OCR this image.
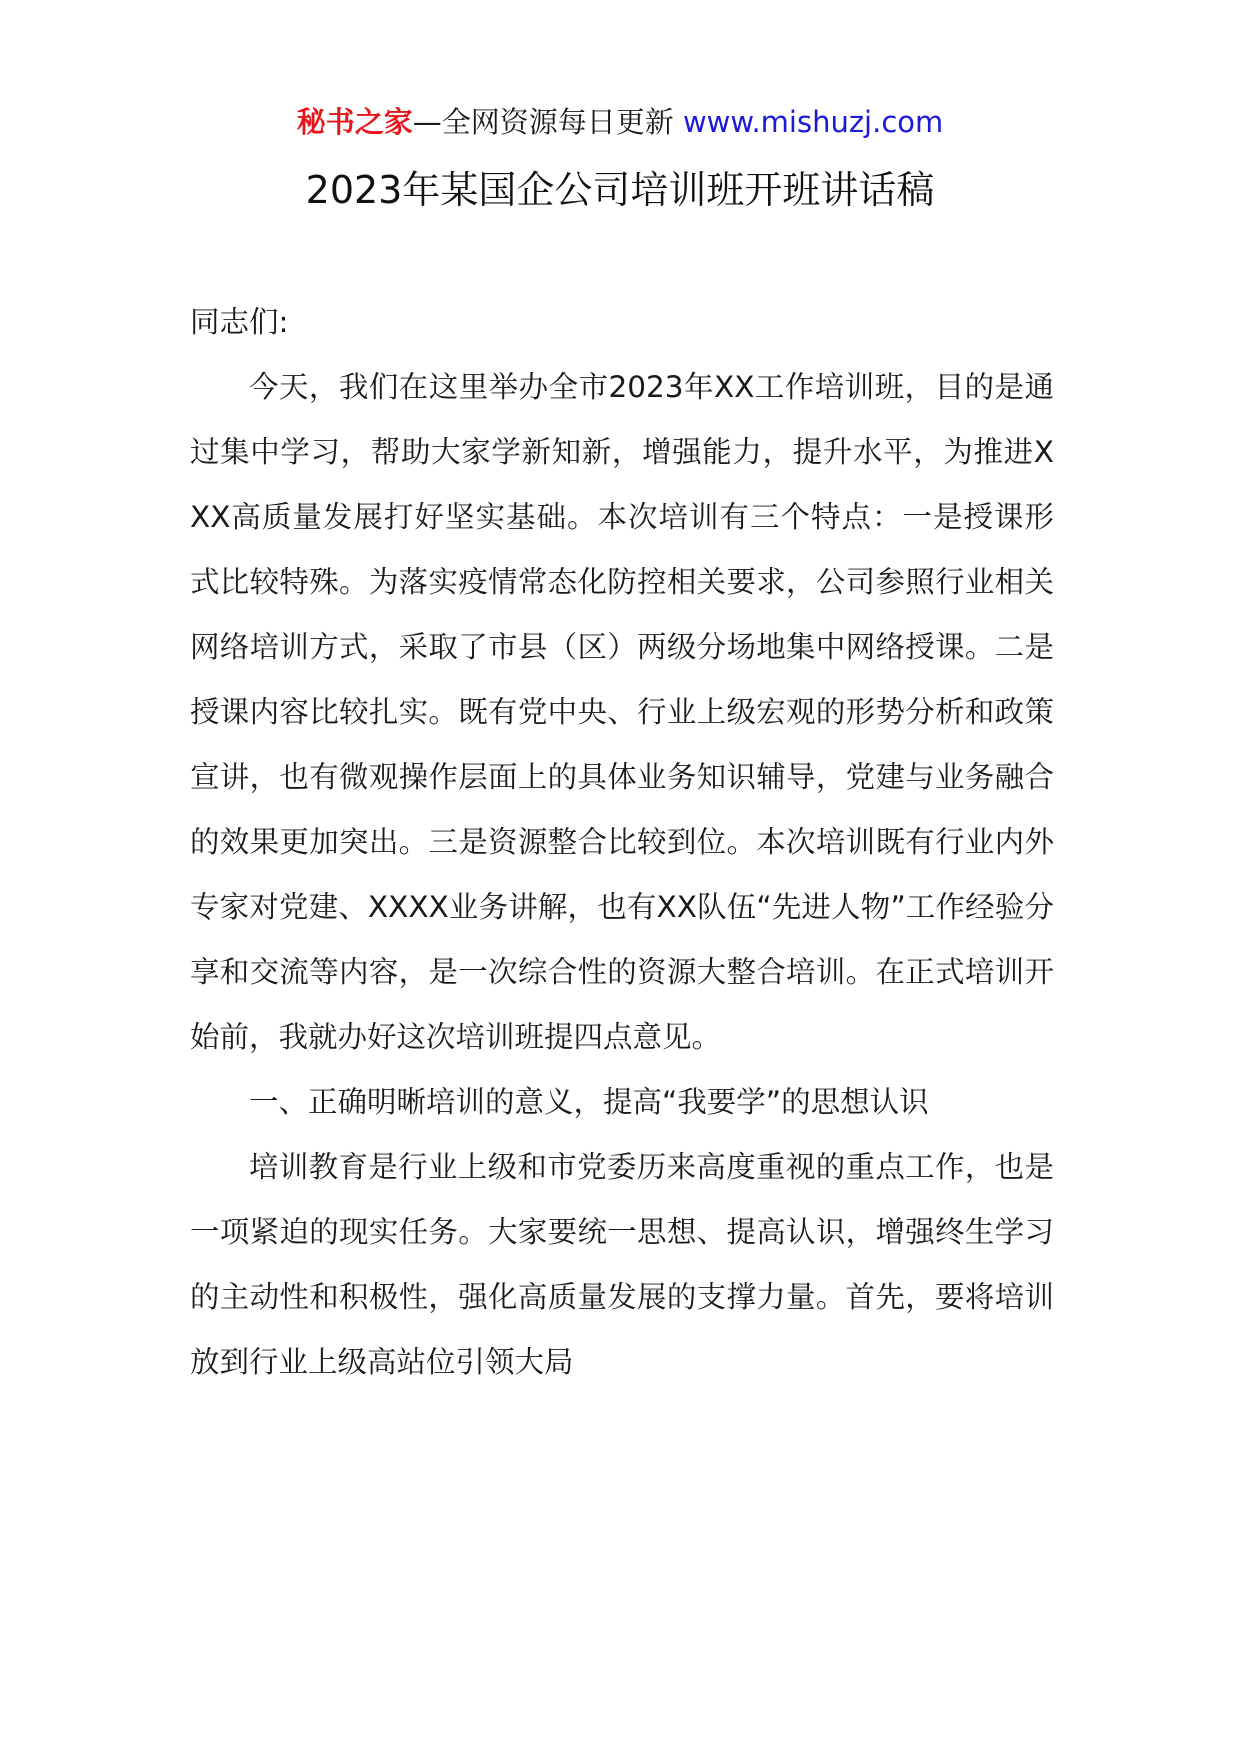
秘书之家—全网资源每日更新 www.mishuzj.com
2023年某国企公司培训班开班讲话稿

同志们:

今天，我们在这里举办全市2023年XX工作培训班，目的是通过集中学习，帮助大家学新知新，增强能力，提升水平，为推进XXX高质量发展打好坚实基础。本次培训有三个特点：一是授课形式比较特殊。为落实疫情常态化防控相关要求，公司参照行业相关网络培训方式，采取了市县（区）两级分场地集中网络授课。二是授课内容比较扎实。既有党中央、行业上级宏观的形势分析和政策宣讲，也有微观操作层面上的具体业务知识辅导，党建与业务融合的效果更加突出。三是资源整合比较到位。本次培训既有行业内外专家对党建、XXXX业务讲解，也有XX队伍“先进人物”工作经验分享和交流等内容，是一次综合性的资源大整合培训。在正式培训开始前，我就办好这次培训班提四点意见。

一、正确明晰培训的意义，提高“我要学”的思想认识

培训教育是行业上级和市党委历来高度重视的重点工作，也是一项紧迫的现实任务。大家要统一思想、提高认识，增强终生学习的主动性和积极性，强化高质量发展的支撑力量。首先，要将培训放到行业上级高站位引领大局
